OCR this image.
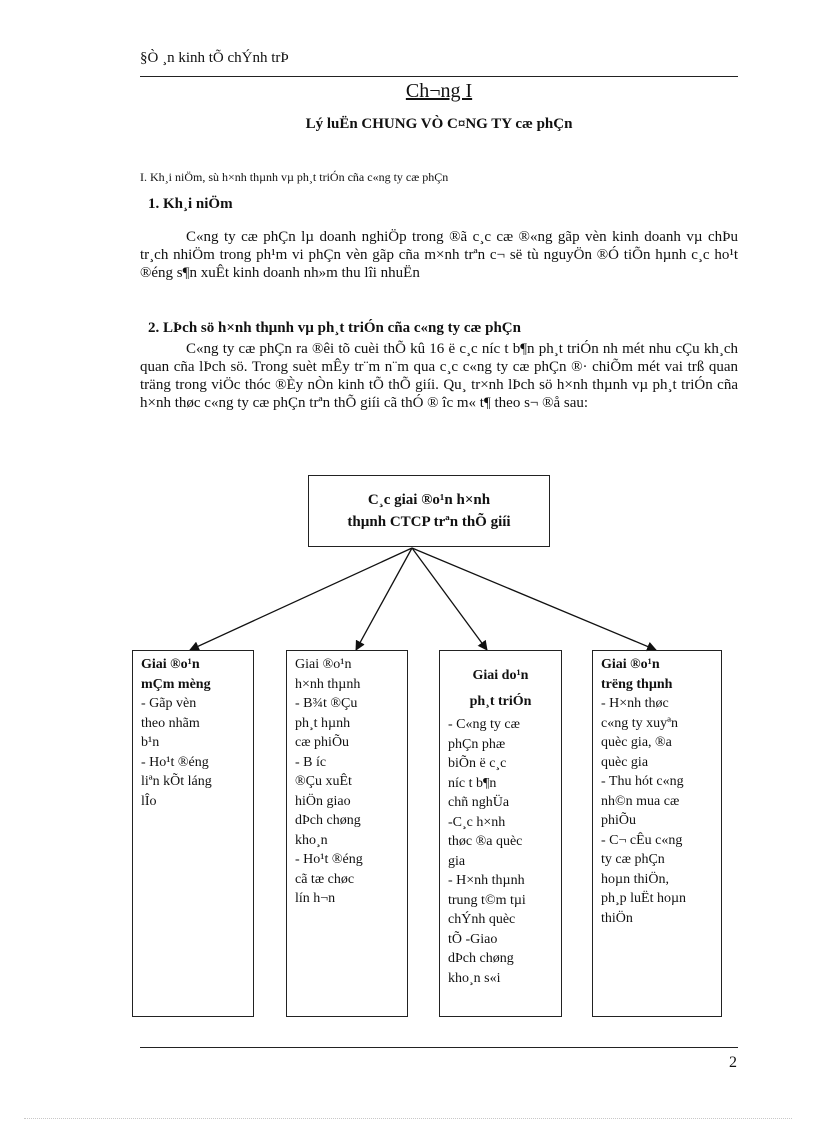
§Ò ¸n kinh tÕ chÝnh trÞ
Ch¬ng I
Lý luËn CHUNG VÒ C¤NG TY cæ phÇn
I. Kh¸i niÖm, sù h×nh thµnh vµ ph¸t triÓn cña c«ng ty cæ phÇn
1. Kh¸i niÖm
C«ng ty cæ phÇn lµ doanh nghiÖp trong ®ã c¸c cæ ®«ng gãp vèn kinh doanh vµ chÞu tr¸ch nhiÖm trong ph¹m vi phÇn vèn gãp cña m×nh trªn c¬ së tù nguyÖn ®Ó tiÕn hµnh c¸c ho¹t ®éng s¶n xuÊt kinh doanh nh»m thu lîi nhuËn
2. LÞch sö h×nh thµnh vµ ph¸t triÓn cña c«ng ty cæ phÇn
C«ng ty cæ phÇn ra ®êi tõ cuèi thÕ kû 16 ë c¸c níc t b¶n ph¸t triÓn nh mét nhu cÇu kh¸ch quan cña lÞch sö. Trong suèt mÊy tr¨m n¨m qua c¸c c«ng ty cæ phÇn ®· chiÕm mét vai trß quan träng trong viÖc thóc ®Èy nÒn kinh tÕ thÕ giíi. Qu¸ tr×nh lÞch sö h×nh thµnh vµ ph¸t triÓn cña h×nh thøc c«ng ty cæ phÇn trªn thÕ giíi cã thÓ ® îc m« t¶ theo s¬ ®å sau:
C¸c giai ®o¹n h×nh
thµnh CTCP trªn thÕ giíi
Giai ®o¹n
mÇm mèng
- Gãp vèn
theo nhãm
b¹n
- Ho¹t ®éng
liªn kÕt láng
lÎo
Giai ®o¹n
h×nh thµnh
- B¾t ®Çu
ph¸t hµnh
cæ phiÕu
- B íc
®Çu xuÊt
hiÖn giao
dÞch chøng
kho¸n
- Ho¹t ®éng
cã tæ chøc
lín h¬n
Giai do¹n
ph¸t triÓn
- C«ng ty cæ
phÇn phæ
biÕn ë c¸c
níc t b¶n
chñ nghÜa
-C¸c h×nh
thøc ®a quèc
gia
- H×nh thµnh
trung t©m tµi
chÝnh quèc
tÕ -Giao
dÞch chøng
kho¸n s«i
Giai ®o¹n
trëng thµnh
- H×nh thøc
c«ng ty xuyªn
quèc gia, ®a
quèc gia
- Thu hót c«ng
nh©n mua cæ
phiÕu
- C¬ cÊu c«ng
ty cæ phÇn
hoµn thiÖn,
ph¸p luËt hoµn
thiÖn
2
